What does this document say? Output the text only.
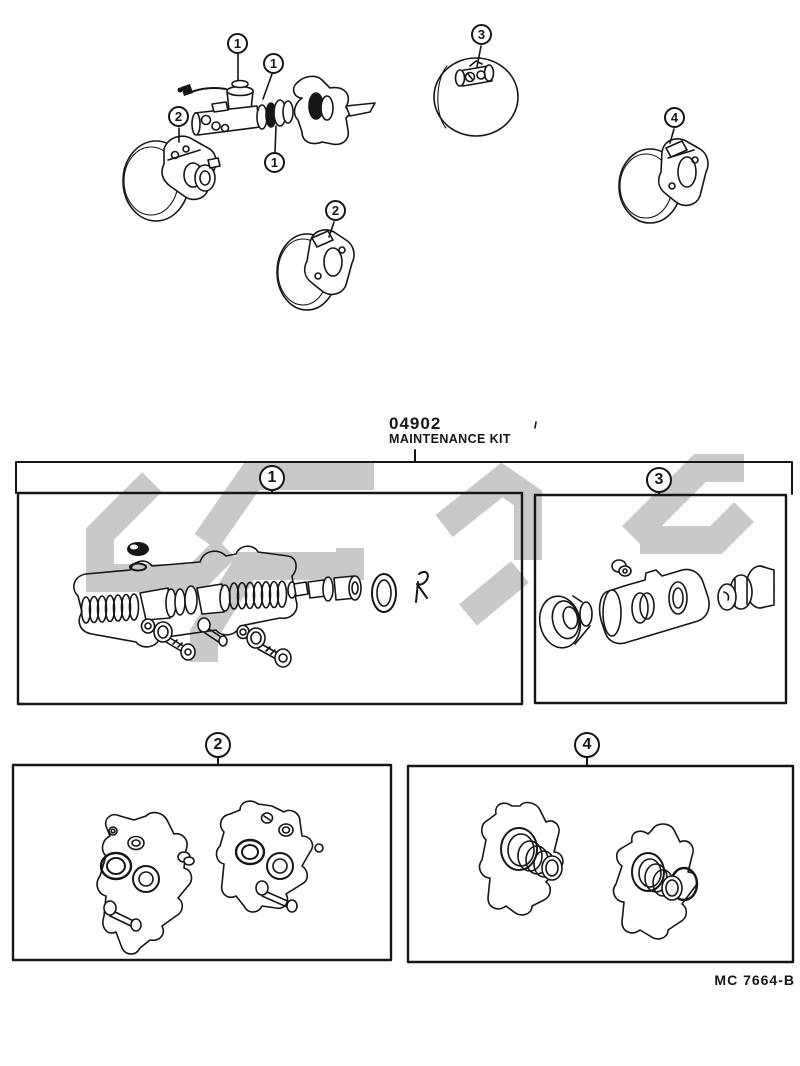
04902
MAINTENANCE KIT
MC 7664-B
1
1
1
2
2
3
4
1	3
2	4
